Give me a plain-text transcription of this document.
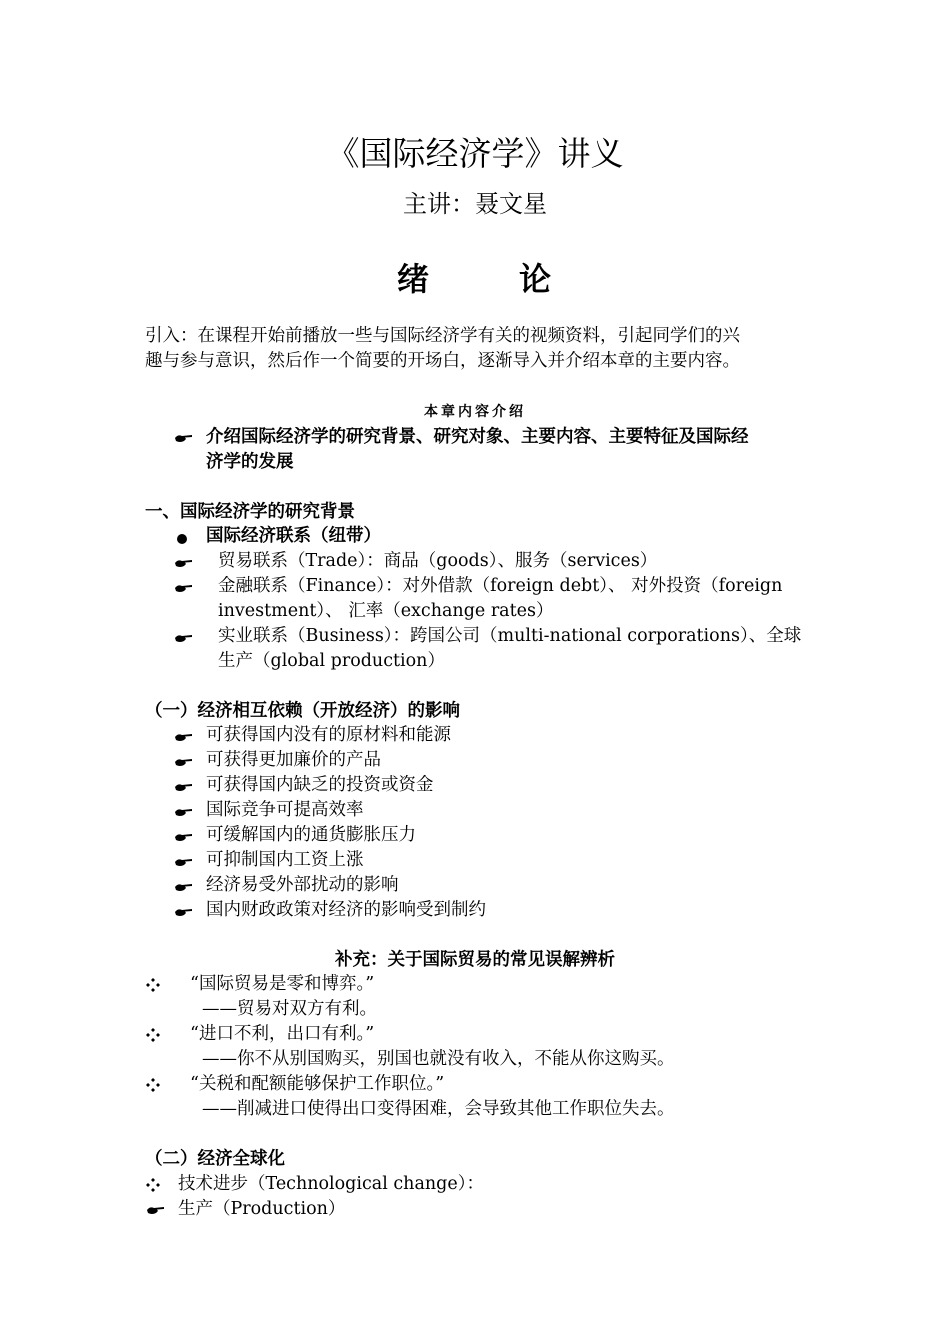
《国际经济学》讲义
主讲：聂文星
绪	论
引入：在课程开始前播放一些与国际经济学有关的视频资料，引起同学们的兴
趣与参与意识，然后作一个简要的开场白，逐渐导入并介绍本章的主要内容。
本章内容介绍
介绍国际经济学的研究背景、研究对象、主要内容、主要特征及国际经
济学的发展
一、国际经济学的研究背景
国际经济联系（纽带）
贸易联系（Trade）：商品（goods）、服务（services）
金融联系（Finance）：对外借款（foreign debt）、 对外投资（foreign
investment）、 汇率（exchange rates）
实业联系（Business）：跨国公司（multi-national corporations）、全球
生产（global production）
（一）经济相互依赖（开放经济）的影响
可获得国内没有的原材料和能源
可获得更加廉价的产品
可获得国内缺乏的投资或资金
国际竞争可提高效率
可缓解国内的通货膨胀压力
可抑制国内工资上涨
经济易受外部扰动的影响
国内财政政策对经济的影响受到制约
补充：关于国际贸易的常见误解辨析
“国际贸易是零和博弈。”
——贸易对双方有利。
“进口不利，出口有利。”
——你不从别国购买，别国也就没有收入，不能从你这购买。
“关税和配额能够保护工作职位。”
——削减进口使得出口变得困难，会导致其他工作职位失去。
（二）经济全球化
技术进步（Technological change）：
生产（Production）
